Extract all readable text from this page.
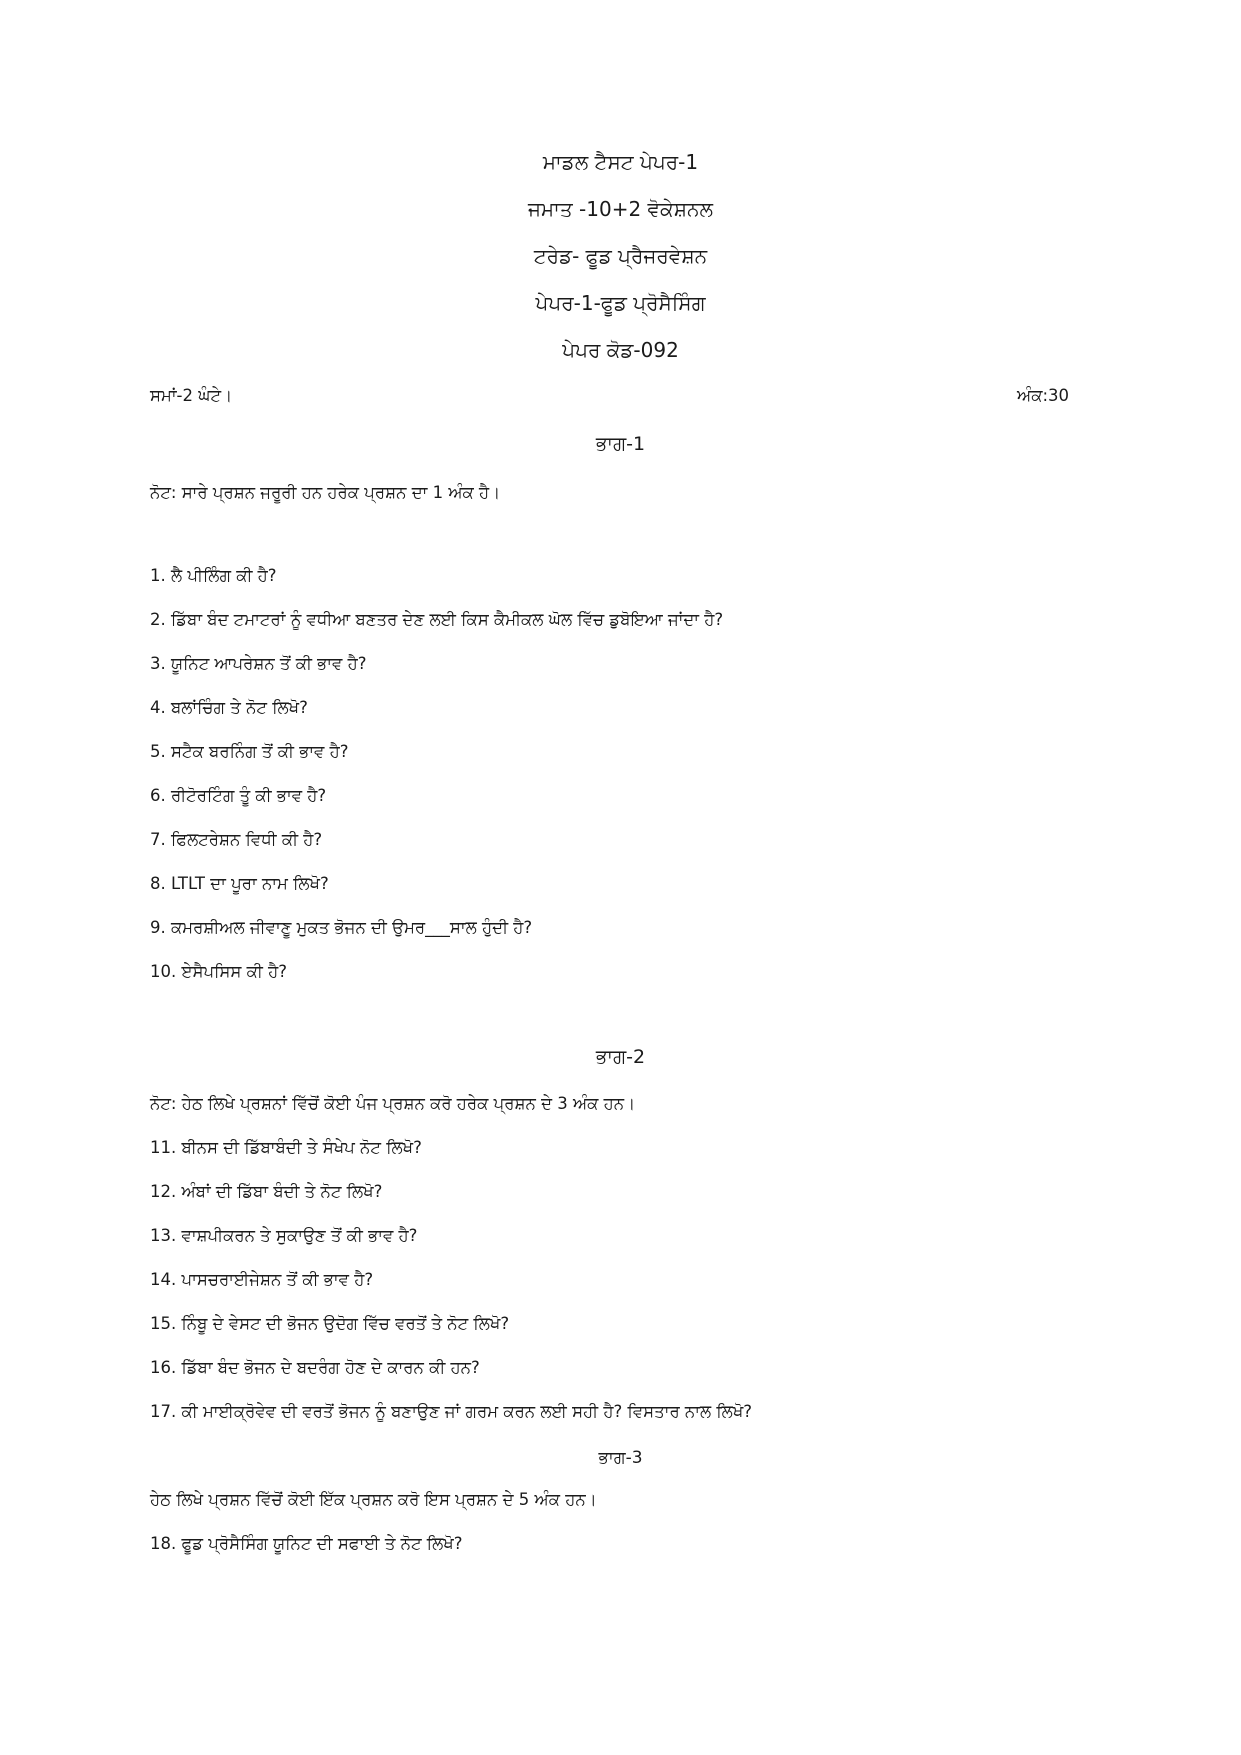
ਮਾਡਲ ਟੈਸਟ ਪੇਪਰ-1
ਜਮਾਤ -10+2 ਵੋਕੇਸ਼ਨਲ
ਟਰੇਡ- ਫੂਡ ਪ੍ਰੈਜਰਵੇਸ਼ਨ
ਪੇਪਰ-1-ਫੂਡ ਪ੍ਰੋਸੈਸਿੰਗ
ਪੇਪਰ ਕੋਡ-092
ਸਮਾਂ-2 ਘੰਟੇ।	ਅੰਕ:30
ਭਾਗ-1
ਨੋਟ: ਸਾਰੇ ਪ੍ਰਸ਼ਨ ਜਰੂਰੀ ਹਨ ਹਰੇਕ ਪ੍ਰਸ਼ਨ ਦਾ 1 ਅੰਕ ਹੈ।
1. ਲੈ ਪੀਲਿੰਗ ਕੀ ਹੈ?
2. ਡਿੱਬਾ ਬੰਦ ਟਮਾਟਰਾਂ ਨੂੰ ਵਧੀਆ ਬਣਤਰ ਦੇਣ ਲਈ ਕਿਸ ਕੈਮੀਕਲ ਘੋਲ ਵਿੱਚ ਡੁਬੋਇਆ ਜਾਂਦਾ ਹੈ?
3. ਯੂਨਿਟ ਆਪਰੇਸ਼ਨ ਤੋਂ ਕੀ ਭਾਵ ਹੈ?
4. ਬਲਾਂਚਿੰਗ ਤੇ ਨੋਟ ਲਿਖੋ?
5. ਸਟੈਕ ਬਰਨਿੰਗ ਤੋਂ ਕੀ ਭਾਵ ਹੈ?
6. ਰੀਟੋਰਟਿੰਗ ਤੂੰ ਕੀ ਭਾਵ ਹੈ?
7. ਫਿਲਟਰੇਸ਼ਨ ਵਿਧੀ ਕੀ ਹੈ?
8. LTLT ਦਾ ਪੂਰਾ ਨਾਮ ਲਿਖੋ?
9. ਕਮਰਸ਼ੀਅਲ ਜੀਵਾਣੂ ਮੁਕਤ ਭੋਜਨ ਦੀ ਉਮਰ___ਸਾਲ ਹੁੰਦੀ ਹੈ?
10. ਏਸੈਪਸਿਸ ਕੀ ਹੈ?
ਭਾਗ-2
ਨੋਟ: ਹੇਠ ਲਿਖੇ ਪ੍ਰਸ਼ਨਾਂ ਵਿੱਚੋਂ ਕੋਈ ਪੰਜ ਪ੍ਰਸ਼ਨ ਕਰੋ ਹਰੇਕ ਪ੍ਰਸ਼ਨ ਦੇ 3 ਅੰਕ ਹਨ।
11. ਬੀਨਸ ਦੀ ਡਿੱਬਾਬੰਦੀ ਤੇ ਸੰਖੇਪ ਨੋਟ ਲਿਖੋ?
12. ਅੰਬਾਂ ਦੀ ਡਿੱਬਾ ਬੰਦੀ ਤੇ ਨੋਟ ਲਿਖੋ?
13. ਵਾਸ਼ਪੀਕਰਨ ਤੇ ਸੁਕਾਉਣ ਤੋਂ ਕੀ ਭਾਵ ਹੈ?
14. ਪਾਸਚਰਾਈਜੇਸ਼ਨ ਤੋਂ ਕੀ ਭਾਵ ਹੈ?
15. ਨਿੰਬੂ ਦੇ ਵੇਸਟ ਦੀ ਭੋਜਨ ਉਦੋਗ ਵਿੱਚ ਵਰਤੋਂ ਤੇ ਨੋਟ ਲਿਖੋ?
16. ਡਿੱਬਾ ਬੰਦ ਭੋਜਨ ਦੇ ਬਦਰੰਗ ਹੋਣ ਦੇ ਕਾਰਨ ਕੀ ਹਨ?
17. ਕੀ ਮਾਈਕ੍ਰੋਵੇਵ ਦੀ ਵਰਤੋਂ ਭੋਜਨ ਨੂੰ ਬਣਾਉਣ ਜਾਂ ਗਰਮ ਕਰਨ ਲਈ ਸਹੀ ਹੈ? ਵਿਸਤਾਰ ਨਾਲ ਲਿਖੋ?
ਭਾਗ-3
ਹੇਠ ਲਿਖੇ ਪ੍ਰਸ਼ਨ ਵਿੱਚੋਂ ਕੋਈ ਇੱਕ ਪ੍ਰਸ਼ਨ ਕਰੋ ਇਸ ਪ੍ਰਸ਼ਨ ਦੇ 5 ਅੰਕ ਹਨ।
18. ਫੂਡ ਪ੍ਰੋਸੈਸਿੰਗ ਯੂਨਿਟ ਦੀ ਸਫਾਈ ਤੇ ਨੋਟ ਲਿਖੋ?
